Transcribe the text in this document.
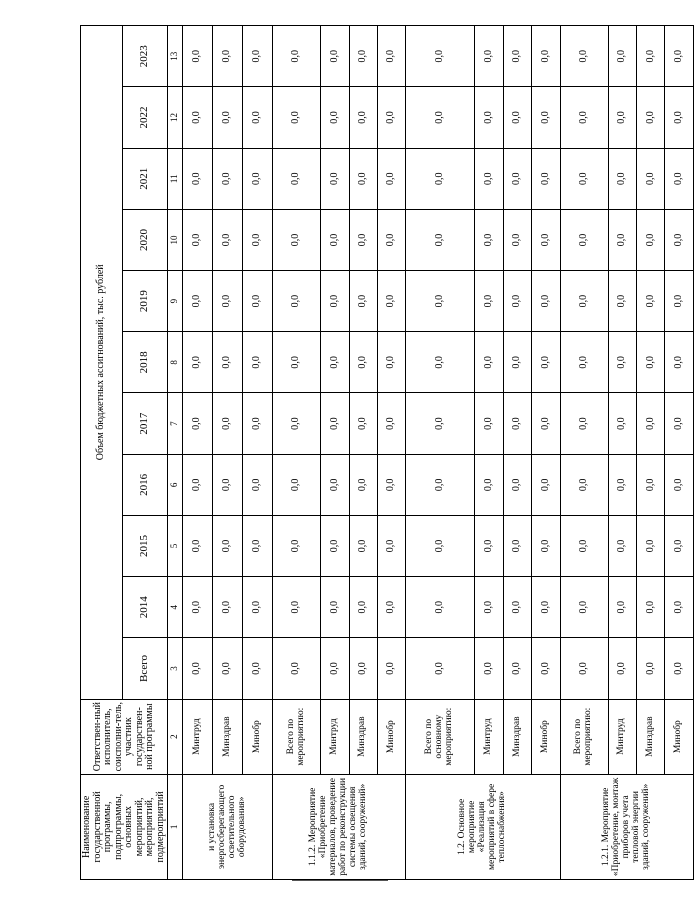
Наименование государственной программы, подпрограммы, основных мероприятий, мероприятий, подмероприятий	Ответствен-ный исполнитель, соисполни-тель, участник государствен-ной программы	Объем бюджетных ассигнований, тыс. рублей										
		Всего	2014	2015	2016	2017	2018	2019	2020	2021	2022	2023
1	2	3	4	5	6	7	8	9	10	11	12	13
и установка энергосберегающего осветительного оборудования»	Минтруд	0,0	0,0	0,0	0,0	0,0	0,0	0,0	0,0	0,0	0,0	0,0
	Минздрав	0,0	0,0	0,0	0,0	0,0	0,0	0,0	0,0	0,0	0,0	0,0
	Минобр	0,0	0,0	0,0	0,0	0,0	0,0	0,0	0,0	0,0	0,0	0,0
1.1.2. Мероприятие «Приобретение материалов, проведение работ по реконструкции системы освещения зданий, сооружений»	Всего по мероприятию:	0,0	0,0	0,0	0,0	0,0	0,0	0,0	0,0	0,0	0,0	0,0
	Минтруд	0,0	0,0	0,0	0,0	0,0	0,0	0,0	0,0	0,0	0,0	0,0
	Минздрав	0,0	0,0	0,0	0,0	0,0	0,0	0,0	0,0	0,0	0,0	0,0
	Минобр	0,0	0,0	0,0	0,0	0,0	0,0	0,0	0,0	0,0	0,0	0,0
1.2. Основное мероприятие «Реализация мероприятий в сфере теплоснабжения»	Всего по основному мероприятию:	0,0	0,0	0,0	0,0	0,0	0,0	0,0	0,0	0,0	0,0	0,0
	Минтруд	0,0	0,0	0,0	0,0	0,0	0,0	0,0	0,0	0,0	0,0	0,0
	Минздрав	0,0	0,0	0,0	0,0	0,0	0,0	0,0	0,0	0,0	0,0	0,0
	Минобр	0,0	0,0	0,0	0,0	0,0	0,0	0,0	0,0	0,0	0,0	0,0
1.2.1. Мероприятие «Приобретение, монтаж приборов учета тепловой энергии зданий, сооружений»	Всего по мероприятию:	0,0	0,0	0,0	0,0	0,0	0,0	0,0	0,0	0,0	0,0	0,0
	Минтруд	0,0	0,0	0,0	0,0	0,0	0,0	0,0	0,0	0,0	0,0	0,0
	Минздрав	0,0	0,0	0,0	0,0	0,0	0,0	0,0	0,0	0,0	0,0	0,0
	Минобр	0,0	0,0	0,0	0,0	0,0	0,0	0,0	0,0	0,0	0,0	0,0
